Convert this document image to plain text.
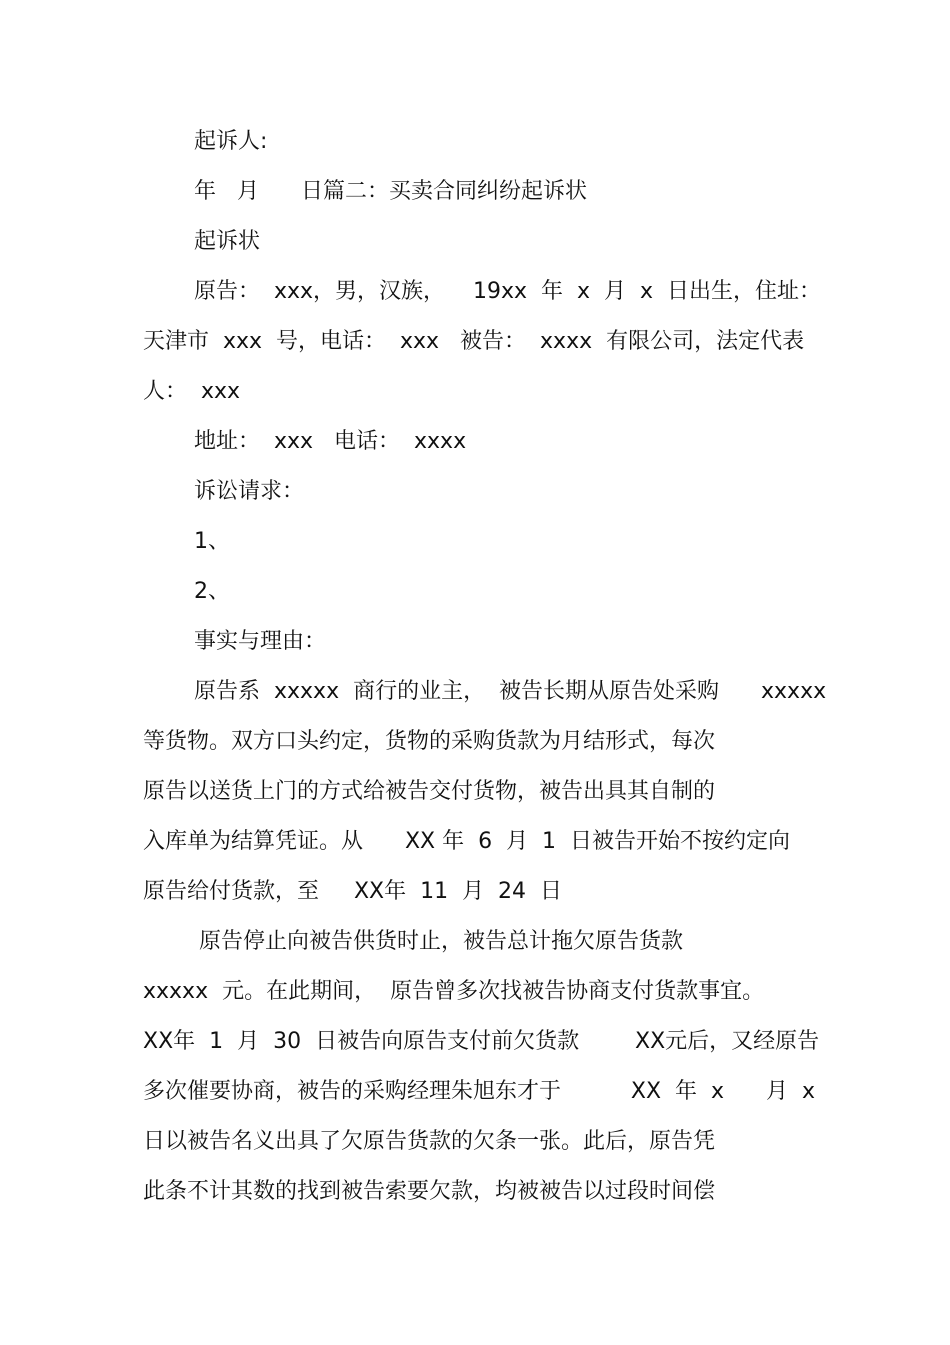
起诉人:

年   月      日篇二：买卖合同纠纷起诉状

起诉状

原告：  xxx，男，汉族，    19xx  年  x  月  x  日出生，住址：

天津市  xxx  号，电话：  xxx   被告：  xxxx  有限公司，法定代表

人：  xxx

地址：  xxx   电话：  xxxx

诉讼请求：

1、

2、

事实与理由：

原告系  xxxxx  商行的业主，  被告长期从原告处采购      xxxxx

等货物。双方口头约定，货物的采购货款为月结形式，每次

原告以送货上门的方式给被告交付货物，被告出具其自制的

入库单为结算凭证。从      XX 年  6  月  1  日被告开始不按约定向

原告给付货款，至     XX年  11  月  24  日

原告停止向被告供货时止，被告总计拖欠原告货款

xxxxx  元。在此期间，  原告曾多次找被告协商支付货款事宜。

XX年  1  月  30  日被告向原告支付前欠货款        XX元后，又经原告

多次催要协商，被告的采购经理朱旭东才于          XX  年  x      月  x

日以被告名义出具了欠原告货款的欠条一张。此后，原告凭

此条不计其数的找到被告索要欠款，均被被告以过段时间偿
